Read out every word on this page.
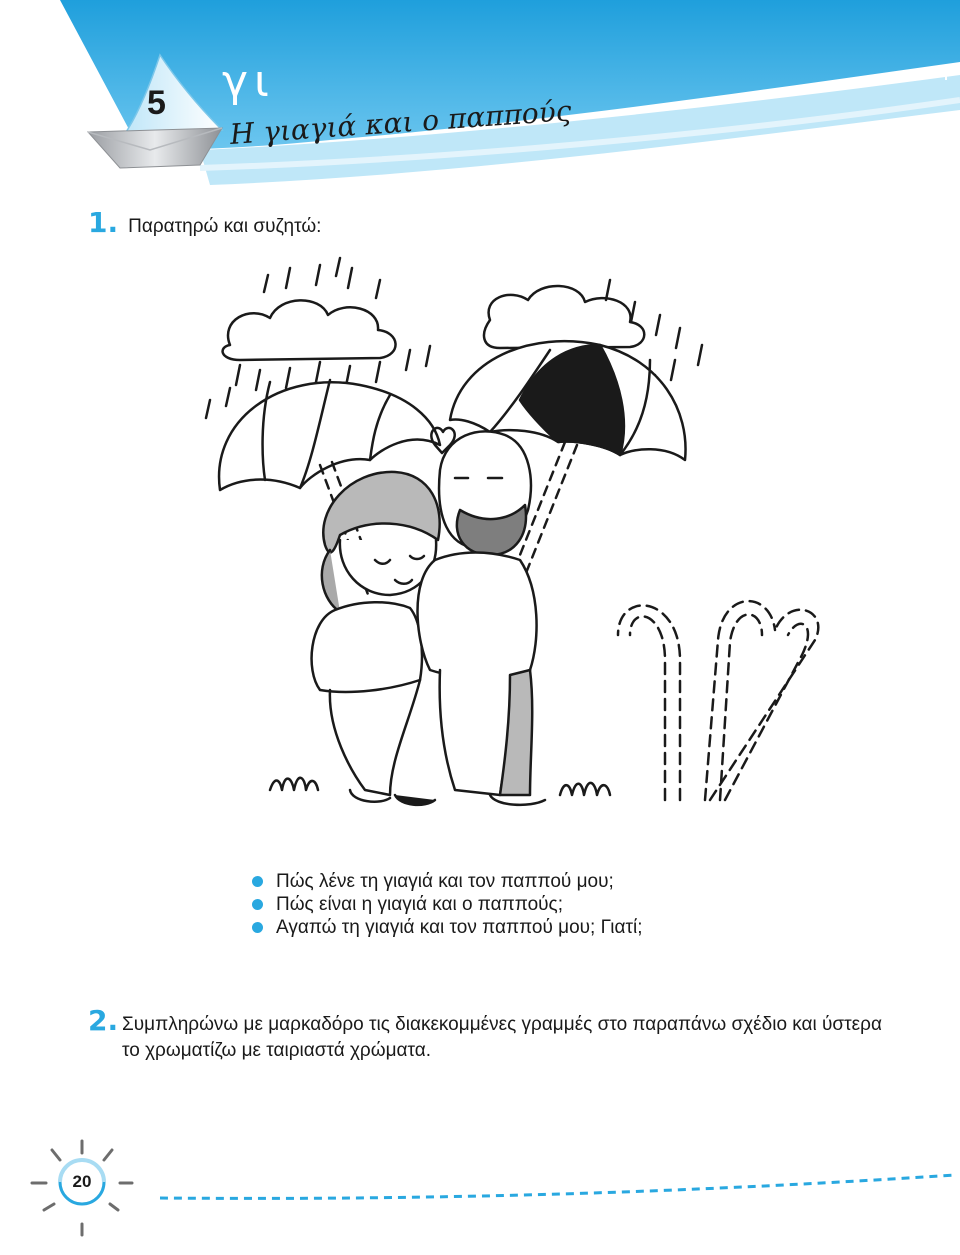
5 γι
Η γιαγιά και ο παππούς
1. Παρατηρώ και συζητώ:
Πώς λένε τη γιαγιά και τον παππού μου;
Πώς είναι η γιαγιά και ο παππούς;
Αγαπώ τη γιαγιά και τον παππού μου; Γιατί;
2. Συμπληρώνω με μαρκαδόρο τις διακεκομμένες γραμμές στο παραπάνω σχέδιο και ύστερα το χρωματίζω με ταιριαστά χρώματα.
20
